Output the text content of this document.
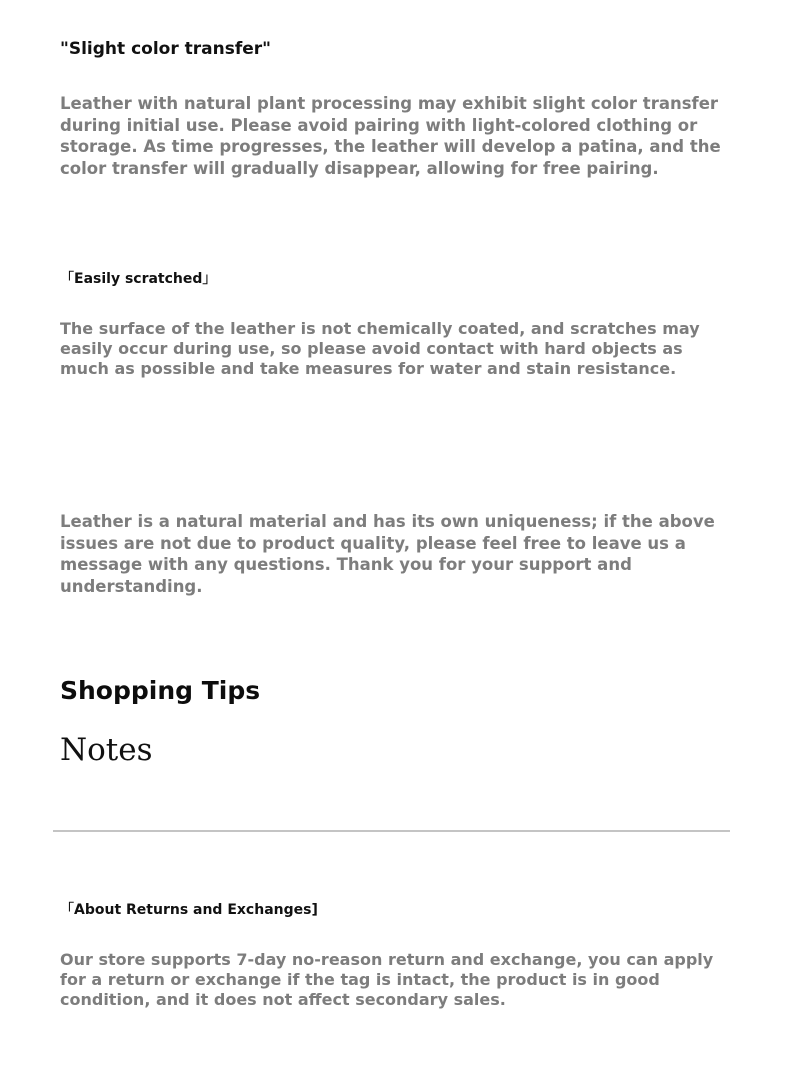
"Slight color transfer"
Leather with natural plant processing may exhibit slight color transfer during initial use. Please avoid pairing with light-colored clothing or storage. As time progresses, the leather will develop a patina, and the color transfer will gradually disappear, allowing for free pairing.
「Easily scratched」
The surface of the leather is not chemically coated, and scratches may easily occur during use, so please avoid contact with hard objects as much as possible and take measures for water and stain resistance.
Leather is a natural material and has its own uniqueness; if the above issues are not due to product quality, please feel free to leave us a message with any questions. Thank you for your support and understanding.
Shopping Tips
Notes
「About Returns and Exchanges]
Our store supports 7-day no-reason return and exchange, you can apply for a return or exchange if the tag is intact, the product is in good condition, and it does not affect secondary sales.
